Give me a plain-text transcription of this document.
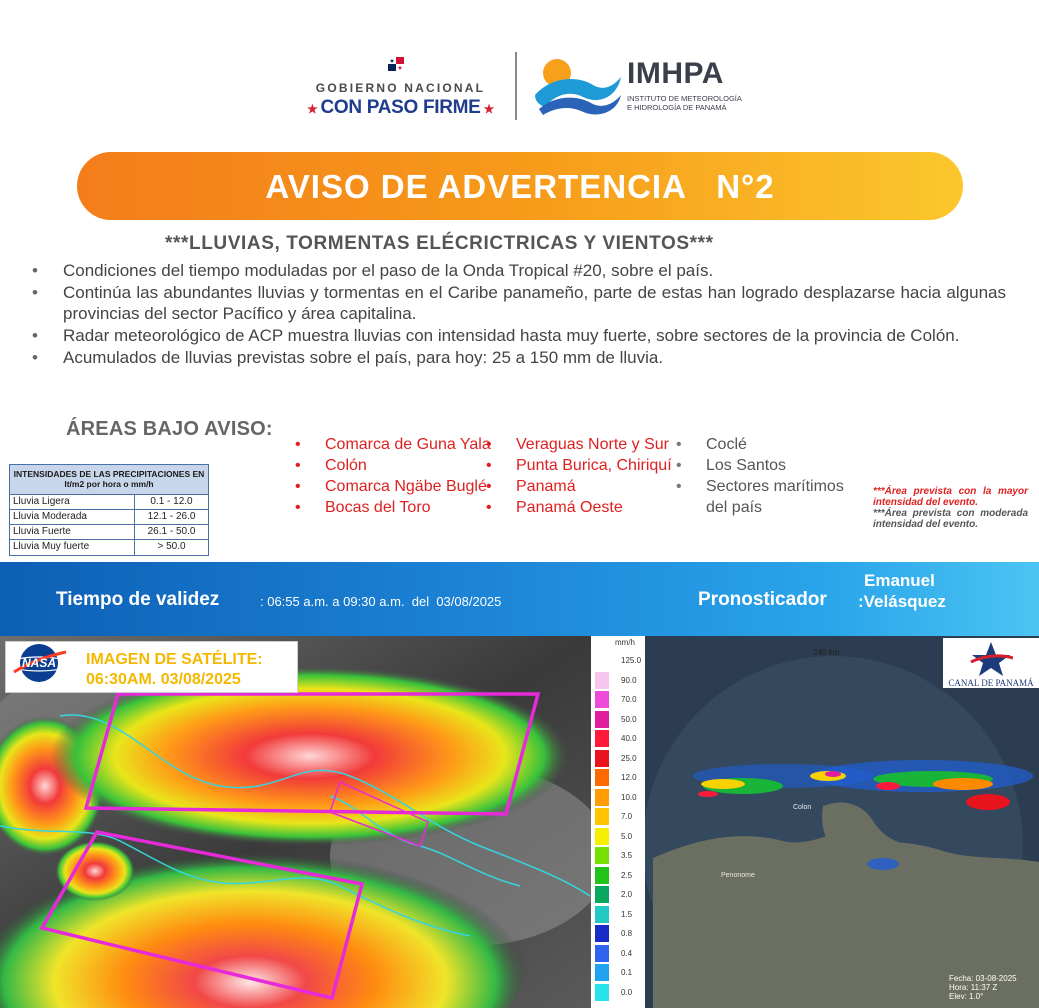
GOBIERNO NACIONAL
★ CON PASO FIRME ★
IMHPA
INSTITUTO DE METEOROLOGÍA
E HIDROLOGÍA DE PANAMÁ
AVISO DE ADVERTENCIA   N°2
***LLUVIAS, TORMENTAS ELÉCRICTRICAS Y VIENTOS***
• Condiciones del tiempo moduladas por el paso de la Onda Tropical #20, sobre el país.
• Continúa las abundantes lluvias y tormentas en el Caribe panameño, parte de estas han logrado desplazarse hacia algunas provincias del sector Pacífico y área capitalina.
• Radar meteorológico de ACP muestra lluvias con intensidad hasta muy fuerte, sobre sectores de la provincia de Colón.
• Acumulados de lluvias previstas sobre el país, para hoy: 25 a 150 mm de lluvia.
ÁREAS BAJO AVISO:
INTENSIDADES DE LAS PRECIPITACIONES EN lt/m2 por hora o mm/h
Lluvia Ligera	0.1 - 12.0
Lluvia Moderada	12.1 - 26.0
Lluvia Fuerte	26.1 - 50.0
Lluvia Muy fuerte	> 50.0
• Comarca de Guna Yala
• Colón
• Comarca Ngäbe Buglé
• Bocas del Toro
• Veraguas Norte y Sur
• Punta Burica, Chiriquí
• Panamá
• Panamá Oeste
• Coclé
• Los Santos
• Sectores marítimos del país
***Área prevista con la mayor intensidad del evento.
***Área prevista con moderada intensidad del evento.
Tiempo de validez	: 06:55 a.m. a 09:30 a.m.  del  03/08/2025	Pronosticador
Emanuel
:Velásquez
NASA IMAGEN DE SATÉLITE:
06:30AM. 03/08/2025
mm/h
125.0
90.0
70.0
50.0
40.0
25.0
12.0
10.0
7.0
5.0
3.5
2.5
2.0
1.5
0.8
0.4
0.1
0.0
240 km
Colon
Penonome
CANAL DE PANAMÁ
Fecha: 03-08-2025
Hora: 11:37 Z
Elev: 1.0°
